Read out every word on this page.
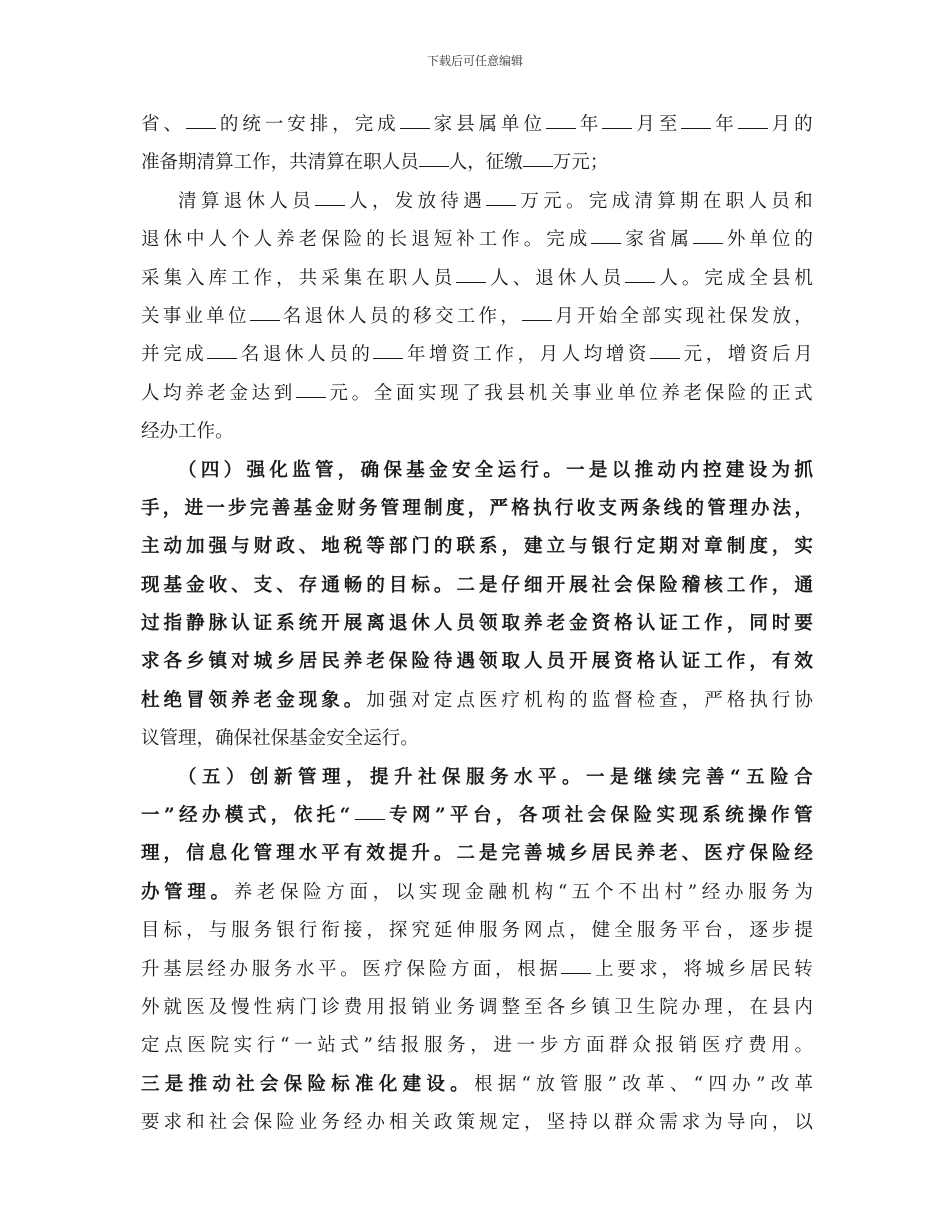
下载后可任意编辑
省 、
的 统 一 安 排 ， 完 成
家 县 属 单 位
年
月 至
年
月 的
准 备 期 清 算 工 作 ， 共 清 算 在 职 人 员
人 ， 征 缴
万 元 ；
清 算 退 休 人 员
人 ， 发 放 待 遇
万 元 。 完 成 清 算 期 在 职 人 员 和
退 休 中 人 个 人 养 老 保 险 的 长 退 短 补 工 作 。 完 成
家 省 属
外 单 位 的
采 集 入 库 工 作 ， 共 采 集 在 职 人 员
人 、 退 休 人 员
人 。 完 成 全 县 机
关 事 业 单 位
名 退 休 人 员 的 移 交 工 作 ，
月 开 始 全 部 实 现 社 保 发 放 ，
并 完 成
名 退 休 人 员 的
年 增 资 工 作 ， 月 人 均 增 资
元 ， 增 资 后 月
人 均 养 老 金 达 到
元 。 全 面 实 现 了 我 县 机 关 事 业 单 位 养 老 保 险 的 正 式
经 办 工 作 。
（ 四 ） 强 化 监 管 ， 确 保 基 金 安 全 运 行 。 一 是 以 推 动 内 控 建 设 为 抓
手 ， 进 一 步 完 善 基 金 财 务 管 理 制 度 ， 严 格 执 行 收 支 两 条 线 的 管 理 办 法 ，
主 动 加 强 与 财 政 、 地 税 等 部 门 的 联 系 ， 建 立 与 银 行 定 期 对 章 制 度 ， 实
现 基 金 收 、 支 、 存 通 畅 的 目 标 。 二 是 仔 细 开 展 社 会 保 险 稽 核 工 作 ， 通
过 指 静 脉 认 证 系 统 开 展 离 退 休 人 员 领 取 养 老 金 资 格 认 证 工 作 ， 同 时 要
求 各 乡 镇 对 城 乡 居 民 养 老 保 险 待 遇 领 取 人 员 开 展 资 格 认 证 工 作 ， 有 效
杜 绝 冒 领 养 老 金 现 象 。 加 强 对 定 点 医 疗 机 构 的 监 督 检 查 ， 严 格 执 行 协
议 管 理 ， 确 保 社 保 基 金 安 全 运 行 。
（ 五 ） 创 新 管 理 ， 提 升 社 保 服 务 水 平 。 一 是 继 续 完 善 “ 五 险 合
一 ” 经 办 模 式 ， 依 托 “
专 网 ” 平 台 ， 各 项 社 会 保 险 实 现 系 统 操 作 管
理 ， 信 息 化 管 理 水 平 有 效 提 升 。 二 是 完 善 城 乡 居 民 养 老 、 医 疗 保 险 经
办 管 理 。 养 老 保 险 方 面 ， 以 实 现 金 融 机 构 “ 五 个 不 出 村 ” 经 办 服 务 为
目 标 ， 与 服 务 银 行 衔 接 ， 探 究 延 伸 服 务 网 点 ， 健 全 服 务 平 台 ， 逐 步 提
升 基 层 经 办 服 务 水 平 。 医 疗 保 险 方 面 ， 根 据
上 要 求 ， 将 城 乡 居 民 转
外 就 医 及 慢 性 病 门 诊 费 用 报 销 业 务 调 整 至 各 乡 镇 卫 生 院 办 理 ， 在 县 内
定 点 医 院 实 行 “ 一 站 式 ” 结 报 服 务 ， 进 一 步 方 面 群 众 报 销 医 疗 费 用 。
三 是 推 动 社 会 保 险 标 准 化 建 设 。 根 据 “ 放 管 服 ” 改 革 、 “ 四 办 ” 改 革
要 求 和 社 会 保 险 业 务 经 办 相 关 政 策 规 定 ， 坚 持 以 群 众 需 求 为 导 向 ， 以
